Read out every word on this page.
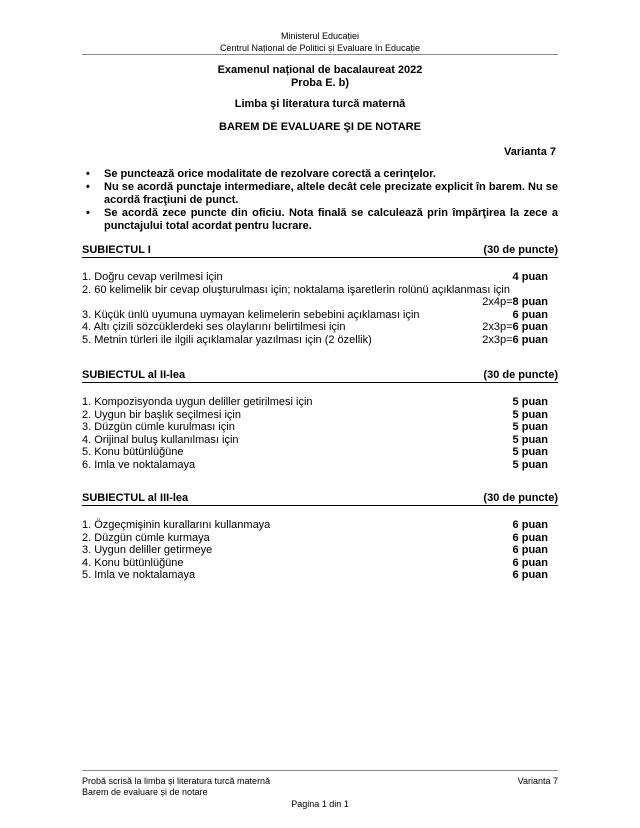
Ministerul Educației
Centrul Național de Politici și Evaluare în Educație
Examenul național de bacalaureat 2022
Proba E. b)
Limba şi literatura turcă maternă
BAREM DE EVALUARE ŞI DE NOTARE
Varianta 7
• Se punctează orice modalitate de rezolvare corectă a cerinţelor.
• Nu se acordă punctaje intermediare, altele decât cele precizate explicit în barem. Nu se acordă fracţiuni de punct.
• Se acordă zece puncte din oficiu. Nota finală se calculează prin împărţirea la zece a punctajului total acordat pentru lucrare.
SUBIECTUL I	(30 de puncte)
1. Doğru cevap verilmesi için	4 puan
2. 60 kelimelik bir cevap oluşturulması için; noktalama işaretlerin rolünü açıklanması için
2x4p=8 puan
3. Küçük ünlü uyumuna uymayan kelimelerin sebebini açıklaması için	6 puan
4. Altı çizili sözcüklerdeki ses olaylarını belirtilmesi için	2x3p=6 puan
5. Metnin türleri ile ilgili açıklamalar yazılması için (2 özellik)	2x3p=6 puan
SUBIECTUL al II-lea	(30 de puncte)
1. Kompozisyonda uygun deliller getirilmesi için	5 puan
2. Uygun bir başlık seçilmesi için	5 puan
3. Düzgün cümle kurulması için	5 puan
4. Orijinal buluş kullanılması için	5 puan
5. Konu bütünlüğüne	5 puan
6. Imla ve noktalamaya	5 puan
SUBIECTUL al III-lea	(30 de puncte)
1. Özgeçmişinin kurallarını kullanmaya	6 puan
2. Düzgün cümle kurmaya	6 puan
3. Uygun deliller getirmeye	6 puan
4. Konu bütünlüğüne	6 puan
5. Imla ve noktalamaya	6 puan
Probă scrisă la limba și literatura turcă maternă
Barem de evaluare și de notare
Varianta 7
Pagina 1 din 1
